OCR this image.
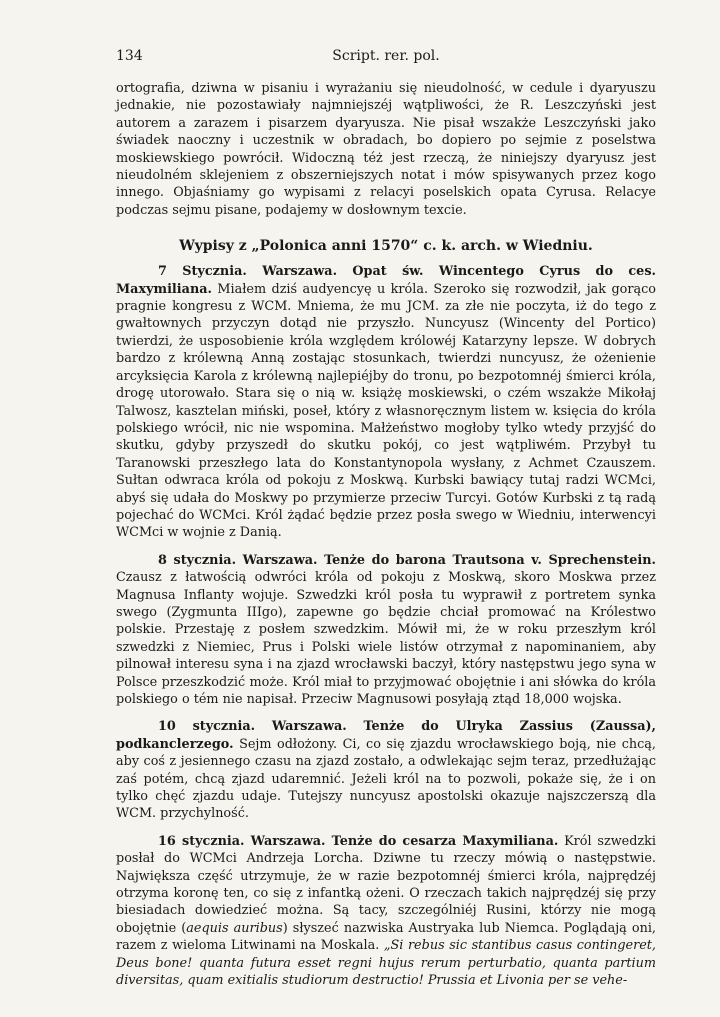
134	Script. rer. pol.

ortografia, dziwna w pisaniu i wyrażaniu się nieudolność, w cedule i dyaryuszu jednakie, nie pozostawiały najmniejszéj wątpliwości, że R. Leszczyński jest autorem a zarazem i pisarzem dyaryusza. Nie pisał wszakże Leszczyński jako świadek naoczny i uczestnik w obradach, bo dopiero po sejmie z poselstwa moskiewskiego powrócił. Widoczną téż jest rzeczą, że niniejszy dyaryusz jest nieudolném sklejeniem z obszerniejszych notat i mów spisywanych przez kogo innego. Objaśniamy go wypisami z relacyi poselskich opata Cyrusa. Relacye podczas sejmu pisane, podajemy w dosłownym texcie.

Wypisy z „Polonica anni 1570“ c. k. arch. w Wiedniu.

7 Stycznia. Warszawa. Opat św. Wincentego Cyrus do ces. Maxymiliana. Miałem dziś audyencyę u króla. Szeroko się rozwodził, jak gorąco pragnie kongresu z WCM. Mniema, że mu JCM. za złe nie poczyta, iż do tego z gwałtownych przyczyn dotąd nie przyszło. Nuncyusz (Wincenty del Portico) twierdzi, że usposobienie króla względem królowéj Katarzyny lepsze. W dobrych bardzo z królewną Anną zostając stosunkach, twierdzi nuncyusz, że ożenienie arcyksięcia Karola z królewną najlepiéjby do tronu, po bezpotomnéj śmierci króla, drogę utorowało. Stara się o nią w. książę moskiewski, o czém wszakże Mikołaj Talwosz, kasztelan miński, poseł, który z własnoręcznym listem w. księcia do króla polskiego wrócił, nic nie wspomina. Małżeństwo mogłoby tylko wtedy przyjść do skutku, gdyby przyszedł do skutku pokój, co jest wątpliwém. Przybył tu Taranowski przeszłego lata do Konstantynopola wysłany, z Achmet Czauszem. Sułtan odwraca króla od pokoju z Moskwą. Kurbski bawiący tutaj radzi WCMci, abyś się udała do Moskwy po przymierze przeciw Turcyi. Gotów Kurbski z tą radą pojechać do WCMci. Król żądać będzie przez posła swego w Wiedniu, interwencyi WCMci w wojnie z Danią.

8 stycznia. Warszawa. Tenże do barona Trautsona v. Sprechenstein. Czausz z łatwością odwróci króla od pokoju z Moskwą, skoro Moskwa przez Magnusa Inflanty wojuje. Szwedzki król posła tu wyprawił z portretem synka swego (Zygmunta IIIgo), zapewne go będzie chciał promować na Królestwo polskie. Przestaję z posłem szwedzkim. Mówił mi, że w roku przeszłym król szwedzki z Niemiec, Prus i Polski wiele listów otrzymał z napominaniem, aby pilnował interesu syna i na zjazd wrocławski baczył, który następstwu jego syna w Polsce przeszkodzić może. Król miał to przyjmować obojętnie i ani słówka do króla polskiego o tém nie napisał. Przeciw Magnusowi posyłają ztąd 18,000 wojska.

10 stycznia. Warszawa. Tenże do Ulryka Zassius (Zaussa), podkanclerzego. Sejm odłożony. Ci, co się zjazdu wrocławskiego boją, nie chcą, aby coś z jesiennego czasu na zjazd zostało, a odwlekając sejm teraz, przedłużając zaś potém, chcą zjazd udaremnić. Jeżeli król na to pozwoli, pokaże się, że i on tylko chęć zjazdu udaje. Tutejszy nuncyusz apostolski okazuje najszczerszą dla WCM. przychylność.

16 stycznia. Warszawa. Tenże do cesarza Maxymiliana. Król szwedzki posłał do WCMci Andrzeja Lorcha. Dziwne tu rzeczy mówią o następstwie. Największa część utrzymuje, że w razie bezpotomnéj śmierci króla, najprędzéj otrzyma koronę ten, co się z infantką ożeni. O rzeczach takich najprędzéj się przy biesiadach dowiedzieć można. Są tacy, szczególniéj Rusini, którzy nie mogą obojętnie (aequis auribus) słyszeć nazwiska Austryaka lub Niemca. Poglądają oni, razem z wieloma Litwinami na Moskala. „Si rebus sic stantibus casus contingeret, Deus bone! quanta futura esset regni hujus rerum perturbatio, quanta partium diversitas, quam exitialis studiorum destructio! Prussia et Livonia per se vehe-
